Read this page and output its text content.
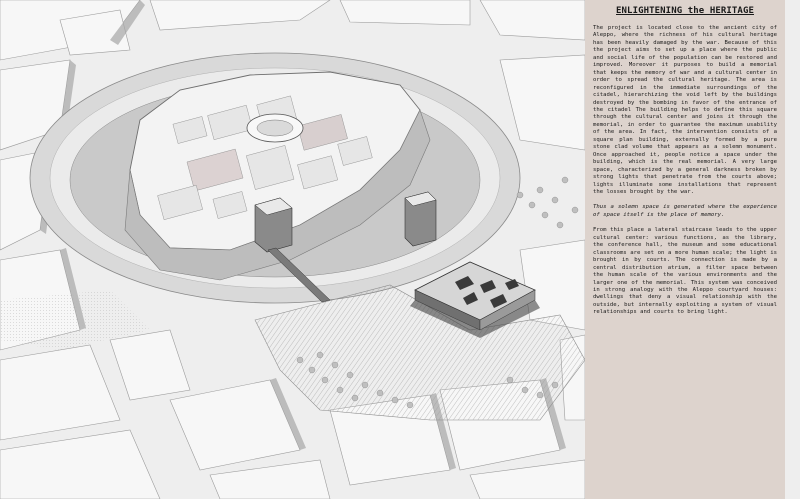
ENLIGHTENING the HERITAGE

The project is located close to the ancient city of Aleppo, where the richness of his cultural heritage has been heavily damaged by the war. Because of this the project aims to set up a place where the public and social life of the population can be restored and improved. Moreover it purposes to build a memorial that keeps the memory of war and a cultural center in order to spread the cultural heritage. The area is reconfigured in the immediate surroundings of the citadel, hierarchizing the void left by the buildings destroyed by the bombing in favor of the entrance of the citadel The building helps to define this square through the cultural center and joins it through the memorial, in order to guarantee the maximum usability of the area. In fact, the intervention consists of a square plan building, externally formed by a pure stone clad volume that appears as a solemn monument. Once approached it, people notice a space under the building, which is the real memorial. A very large space, characterized by a general darkness broken by strong lights that penetrate from the courts above; lights illuminate some installations that represent the losses brought by the war.

Thus a solemn space is generated where the experience of space itself is the place of memory.

From this place a lateral staircase leads to the upper cultural center: various functions, as the library, the conference hall, the museum and some educational classrooms are set on a more human scale; the light is brought in by courts. The connection is made by a central distribution atrium, a filter space between the human scale of the various environments and the larger one of the memorial. This system was conceived in strong analogy with the Aleppo courtyard houses: dwellings that deny a visual relationship with the outside, but internally exploiting a system of visual relationships and courts to bring light.
